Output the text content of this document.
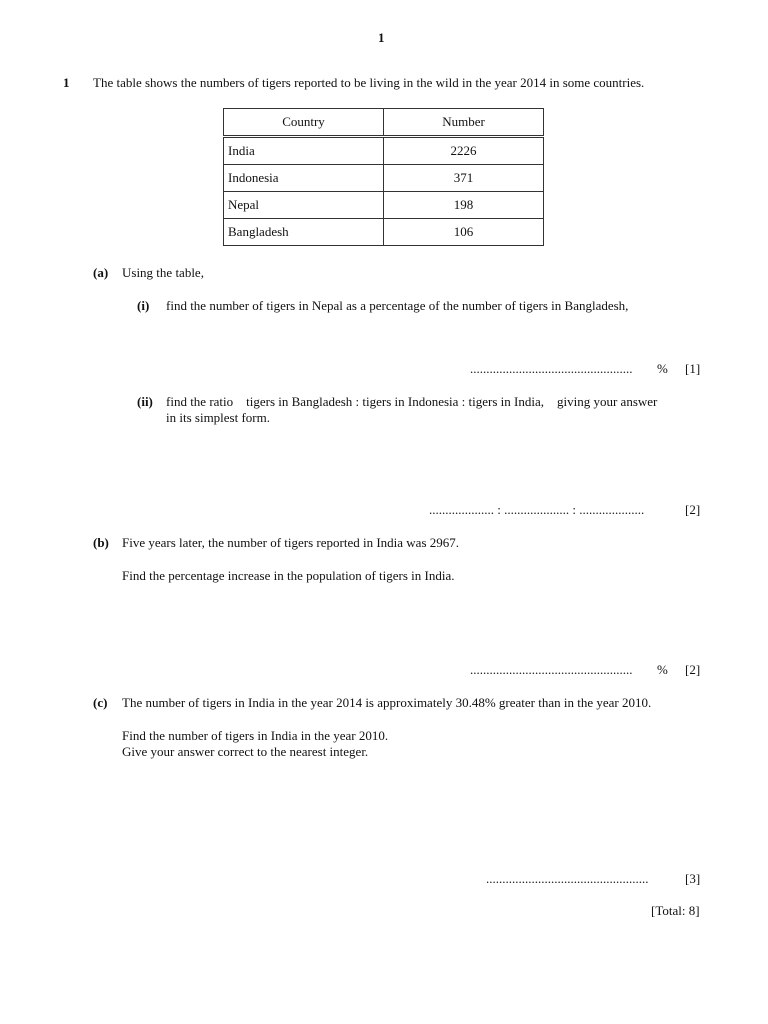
1
1 The table shows the numbers of tigers reported to be living in the wild in the year 2014 in some countries.
Country	Number
India	2226
Indonesia	371
Nepal	198
Bangladesh	106
(a) Using the table,
(i) find the number of tigers in Nepal as a percentage of the number of tigers in Bangladesh,
.................................................. % [1]
(ii) find the ratio    tigers in Bangladesh : tigers in Indonesia : tigers in India,    giving your answer
in its simplest form.
.................... : .................... : ....................	[2]
(b) Five years later, the number of tigers reported in India was 2967.
Find the percentage increase in the population of tigers in India.
.................................................. % [2]
(c) The number of tigers in India in the year 2014 is approximately 30.48% greater than in the year 2010.
Find the number of tigers in India in the year 2010.
Give your answer correct to the nearest integer.
..................................................	[3]
[Total: 8]
